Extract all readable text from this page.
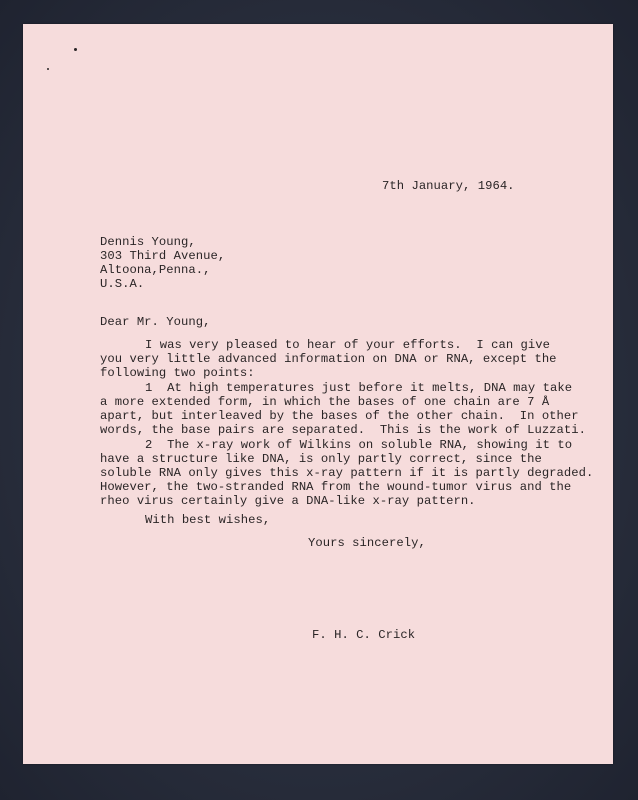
7th January, 1964.
Dennis Young,
303 Third Avenue,
Altoona,Penna.,
U.S.A.
Dear Mr. Young,
I was very pleased to hear of your efforts.  I can give
you very little advanced information on DNA or RNA, except the
following two points:
1  At high temperatures just before it melts, DNA may take
a more extended form, in which the bases of one chain are 7 Å
apart, but interleaved by the bases of the other chain.  In other
words, the base pairs are separated.  This is the work of Luzzati.
2  The x-ray work of Wilkins on soluble RNA, showing it to
have a structure like DNA, is only partly correct, since the
soluble RNA only gives this x-ray pattern if it is partly degraded.
However, the two-stranded RNA from the wound-tumor virus and the
rheo virus certainly give a DNA-like x-ray pattern.
With best wishes,
Yours sincerely,
F. H. C. Crick
